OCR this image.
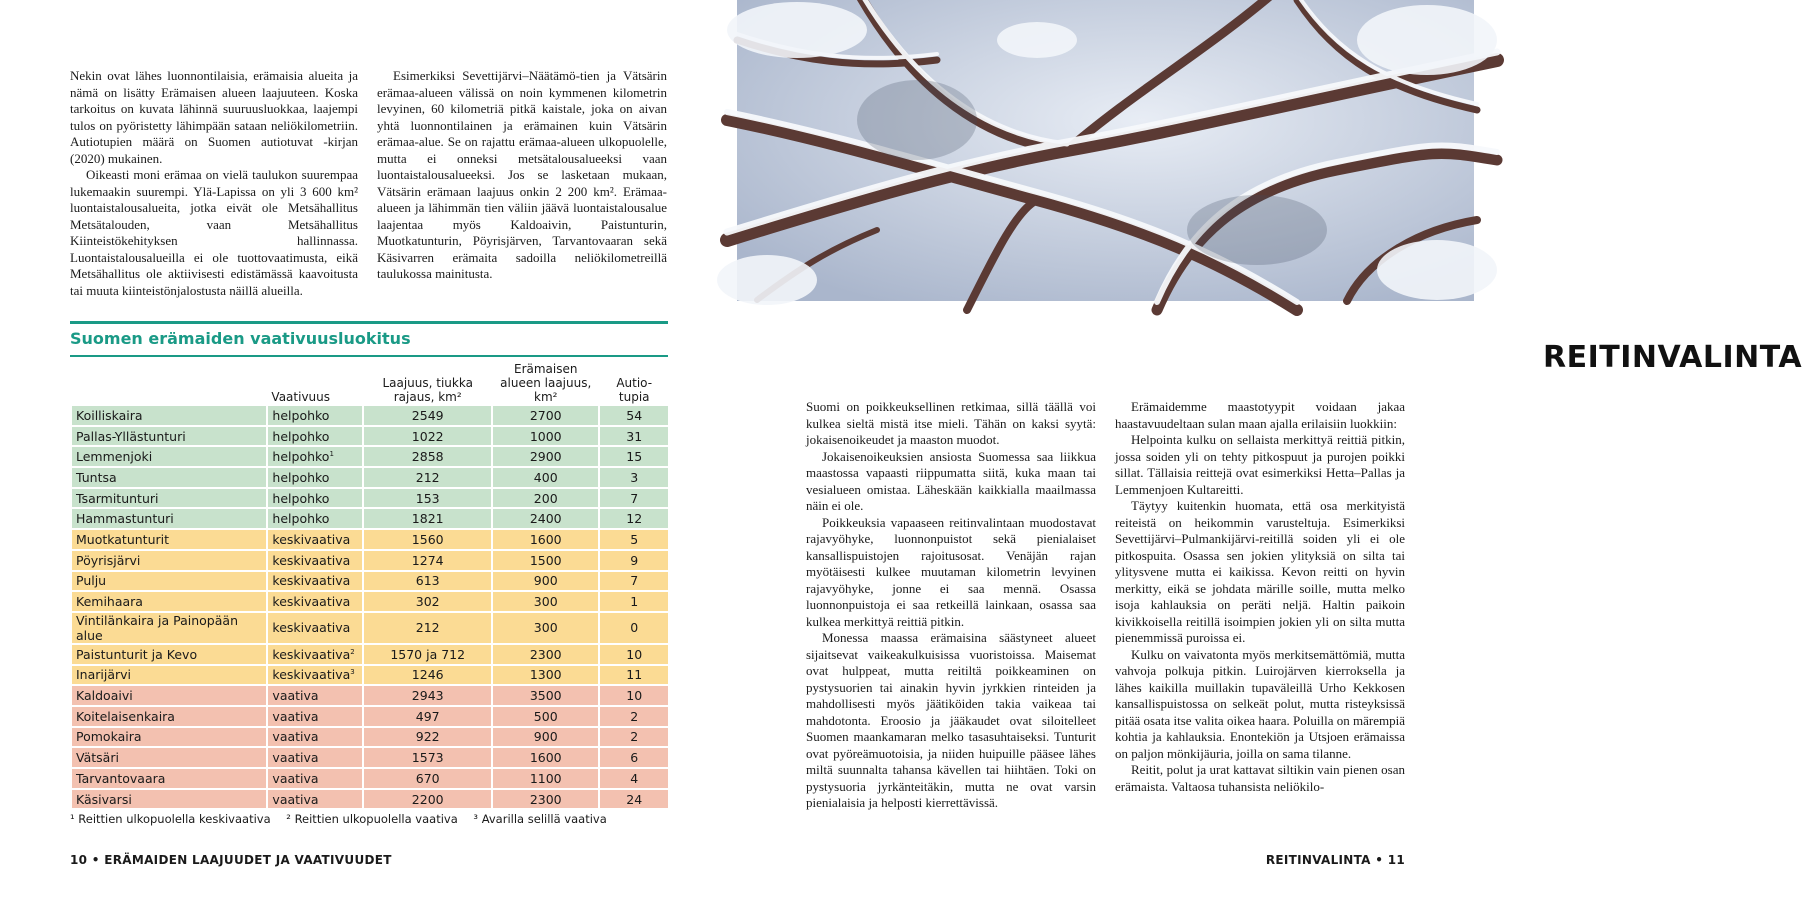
Nekin ovat lähes luonnontilaisia, erämaisia alueita ja nämä on lisätty Erämaisen alueen laajuuteen. Koska tarkoitus on kuvata lähinnä suuruusluokkaa, laajempi tulos on pyöristetty lähimpään sataan neliökilometriin. Autiotupien määrä on Suomen autiotuvat -kirjan (2020) mukainen.

Oikeasti moni erämaa on vielä taulukon suurempaa lukemaakin suurempi. Ylä-Lapissa on yli 3 600 km² luontaistalousalueita, jotka eivät ole Metsähallitus Metsätalouden, vaan Metsähallitus Kiinteistökehityksen hallinnassa. Luontaistalousalueilla ei ole tuottovaatimusta, eikä Metsähallitus ole aktiivisesti edistämässä kaavoitusta tai muuta kiinteistönjalostusta näillä alueilla.

Esimerkiksi Sevettijärvi–Näätämö-tien ja Vätsärin erämaa-alueen välissä on noin kymmenen kilometrin levyinen, 60 kilometriä pitkä kaistale, joka on aivan yhtä luonnontilainen ja erämainen kuin Vätsärin erämaa-alue. Se on rajattu erämaa-alueen ulkopuolelle, mutta ei onneksi metsätalousalueeksi vaan luontaistalousalueeksi. Jos se lasketaan mukaan, Vätsärin erämaan laajuus onkin 2 200 km². Erämaa-alueen ja lähimmän tien väliin jäävä luontaistalousalue laajentaa myös Kaldoaivin, Paistunturin, Muotkatunturin, Pöyrisjärven, Tarvantovaaran sekä Käsivarren erämaita sadoilla neliökilometreillä taulukossa mainitusta.

Suomen erämaiden vaativuusluokitus
	Vaativuus	Laajuus, tiukka rajaus, km²	Erämaisen alueen laajuus, km²	Autio-tupia
Koilliskaira	helpohko	2549	2700	54
Pallas-Yllästunturi	helpohko	1022	1000	31
Lemmenjoki	helpohko$^1$	2858	2900	15
Tuntsa	helpohko	212	400	3
Tsarmitunturi	helpohko	153	200	7
Hammastunturi	helpohko	1821	2400	12
Muotkatunturit	keskivaativa	1560	1600	5
Pöyrisjärvi	keskivaativa	1274	1500	9
Pulju	keskivaativa	613	900	7
Kemihaara	keskivaativa	302	300	1
Vintilänkaira ja Painopään alue	keskivaativa	212	300	0
Paistunturit ja Kevo	keskivaativa$^2$	1570 ja 712	2300	10
Inarijärvi	keskivaativa$^3$	1246	1300	11
Kaldoaivi	vaativa	2943	3500	10
Koitelaisenkaira	vaativa	497	500	2
Pomokaira	vaativa	922	900	2
Vätsäri	vaativa	1573	1600	6
Tarvantovaara	vaativa	670	1100	4
Käsivarsi	vaativa	2200	2300	24
¹ Reittien ulkopuolella keskivaativa ² Reittien ulkopuolella vaativa ³ Avarilla selillä vaativa
10 • ERÄMAIDEN LAAJUUDET JA VAATIVUUDET
REITINVALINTA

Suomi on poikkeuksellinen retkimaa, sillä täällä voi kulkea sieltä mistä itse mieli. Tähän on kaksi syytä: jokaisenoikeudet ja maaston muodot.

Jokaisenoikeuksien ansiosta Suomessa saa liikkua maastossa vapaasti riippumatta siitä, kuka maan tai vesialueen omistaa. Läheskään kaikkialla maailmassa näin ei ole.

Poikkeuksia vapaaseen reitinvalintaan muodostavat rajavyöhyke, luonnonpuistot sekä pienialaiset kansallispuistojen rajoitusosat. Venäjän rajan myötäisesti kulkee muutaman kilometrin levyinen rajavyöhyke, jonne ei saa mennä. Osassa luonnonpuistoja ei saa retkeillä lainkaan, osassa saa kulkea merkittyä reittiä pitkin.

Monessa maassa erämaisina säästyneet alueet sijaitsevat vaikeakulkuisissa vuoristoissa. Maisemat ovat hulppeat, mutta reitiltä poikkeaminen on pystysuorien tai ainakin hyvin jyrkkien rinteiden ja mahdollisesti myös jäätiköiden takia vaikeaa tai mahdotonta. Eroosio ja jääkaudet ovat siloitelleet Suomen maankamaran melko tasasuhtaiseksi. Tunturit ovat pyöreämuotoisia, ja niiden huipuille pääsee lähes miltä suunnalta tahansa kävellen tai hiihtäen. Toki on pystysuoria jyrkänteitäkin, mutta ne ovat varsin pienialaisia ja helposti kierrettävissä.

Erämaidemme maastotyypit voidaan jakaa haastavuudeltaan sulan maan ajalla erilaisiin luokkiin:

Helpointa kulku on sellaista merkittyä reittiä pitkin, jossa soiden yli on tehty pitkospuut ja purojen poikki sillat. Tällaisia reittejä ovat esimerkiksi Hetta–Pallas ja Lemmenjoen Kultareitti.

Täytyy kuitenkin huomata, että osa merkityistä reiteistä on heikommin varusteltuja. Esimerkiksi Sevettijärvi–Pulmankijärvi-reitillä soiden yli ei ole pitkospuita. Osassa sen jokien ylityksiä on silta tai ylitysvene mutta ei kaikissa. Kevon reitti on hyvin merkitty, eikä se johdata märille soille, mutta melko isoja kahlauksia on peräti neljä. Haltin paikoin kivikkoisella reitillä isoimpien jokien yli on silta mutta pienemmissä puroissa ei.

Kulku on vaivatonta myös merkitsemättömiä, mutta vahvoja polkuja pitkin. Luirojärven kierroksella ja lähes kaikilla muillakin tupaväleillä Urho Kekkosen kansallispuistossa on selkeät polut, mutta risteyksissä pitää osata itse valita oikea haara. Poluilla on märempiä kohtia ja kahlauksia. Enontekiön ja Utsjoen erämaissa on paljon mönkijäuria, joilla on sama tilanne.

Reitit, polut ja urat kattavat siltikin vain pienen osan erämaista. Valtaosa tuhansista neliökilo-

REITINVALINTA • 11
